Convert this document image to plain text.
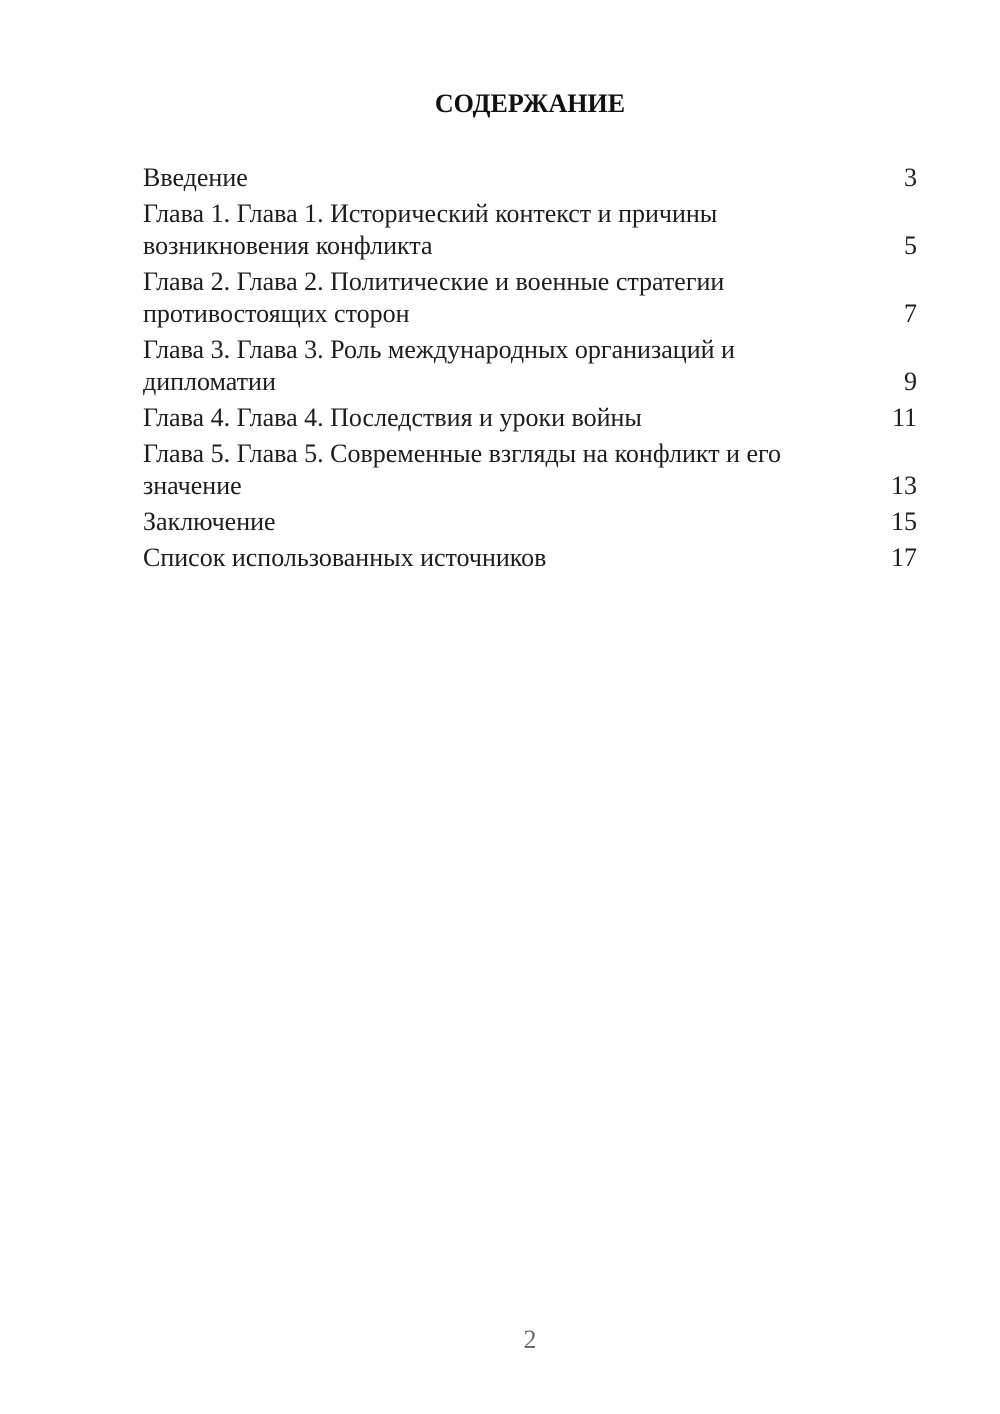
СОДЕРЖАНИЕ
Введение	3
Глава 1. Глава 1. Исторический контекст и причины возникновения конфликта	5
Глава 2. Глава 2. Политические и военные стратегии противостоящих сторон	7
Глава 3. Глава 3. Роль международных организаций и дипломатии	9
Глава 4. Глава 4. Последствия и уроки войны	11
Глава 5. Глава 5. Современные взгляды на конфликт и его значение	13
Заключение	15
Список использованных источников	17
2
